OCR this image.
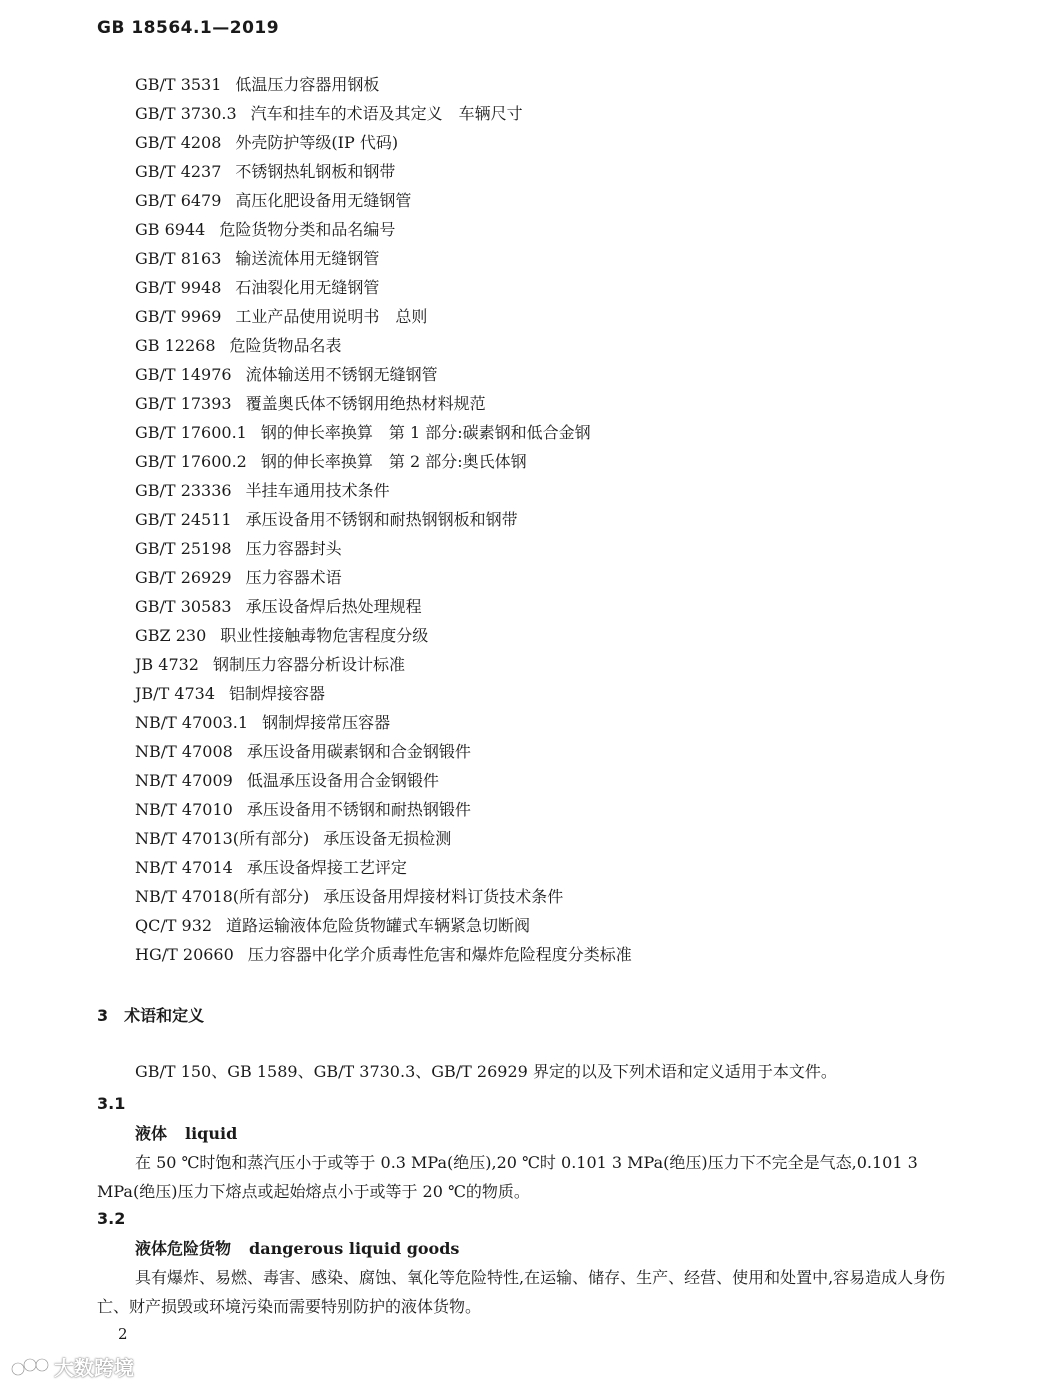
GB 18564.1—2019
GB/T 3531 低温压力容器用钢板
GB/T 3730.3 汽车和挂车的术语及其定义　车辆尺寸
GB/T 4208 外壳防护等级(IP 代码)
GB/T 4237 不锈钢热轧钢板和钢带
GB/T 6479 高压化肥设备用无缝钢管
GB 6944 危险货物分类和品名编号
GB/T 8163 输送流体用无缝钢管
GB/T 9948 石油裂化用无缝钢管
GB/T 9969 工业产品使用说明书　总则
GB 12268 危险货物品名表
GB/T 14976 流体输送用不锈钢无缝钢管
GB/T 17393 覆盖奥氏体不锈钢用绝热材料规范
GB/T 17600.1 钢的伸长率换算　第 1 部分:碳素钢和低合金钢
GB/T 17600.2 钢的伸长率换算　第 2 部分:奥氏体钢
GB/T 23336 半挂车通用技术条件
GB/T 24511 承压设备用不锈钢和耐热钢钢板和钢带
GB/T 25198 压力容器封头
GB/T 26929 压力容器术语
GB/T 30583 承压设备焊后热处理规程
GBZ 230 职业性接触毒物危害程度分级
JB 4732 钢制压力容器分析设计标准
JB/T 4734 铝制焊接容器
NB/T 47003.1 钢制焊接常压容器
NB/T 47008 承压设备用碳素钢和合金钢锻件
NB/T 47009 低温承压设备用合金钢锻件
NB/T 47010 承压设备用不锈钢和耐热钢锻件
NB/T 47013(所有部分) 承压设备无损检测
NB/T 47014 承压设备焊接工艺评定
NB/T 47018(所有部分) 承压设备用焊接材料订货技术条件
QC/T 932 道路运输液体危险货物罐式车辆紧急切断阀
HG/T 20660 压力容器中化学介质毒性危害和爆炸危险程度分类标准
3 术语和定义
GB/T 150、GB 1589、GB/T 3730.3、GB/T 26929 界定的以及下列术语和定义适用于本文件。
3.1
液体 liquid
在 50 ℃时饱和蒸汽压小于或等于 0.3 MPa(绝压),20 ℃时 0.101 3 MPa(绝压)压力下不完全是气态,0.101 3 MPa(绝压)压力下熔点或起始熔点小于或等于 20 ℃的物质。
3.2
液体危险货物 dangerous liquid goods
具有爆炸、易燃、毒害、感染、腐蚀、氧化等危险特性,在运输、储存、生产、经营、使用和处置中,容易造成人身伤亡、财产损毁或环境污染而需要特别防护的液体货物。
2
大数跨境
